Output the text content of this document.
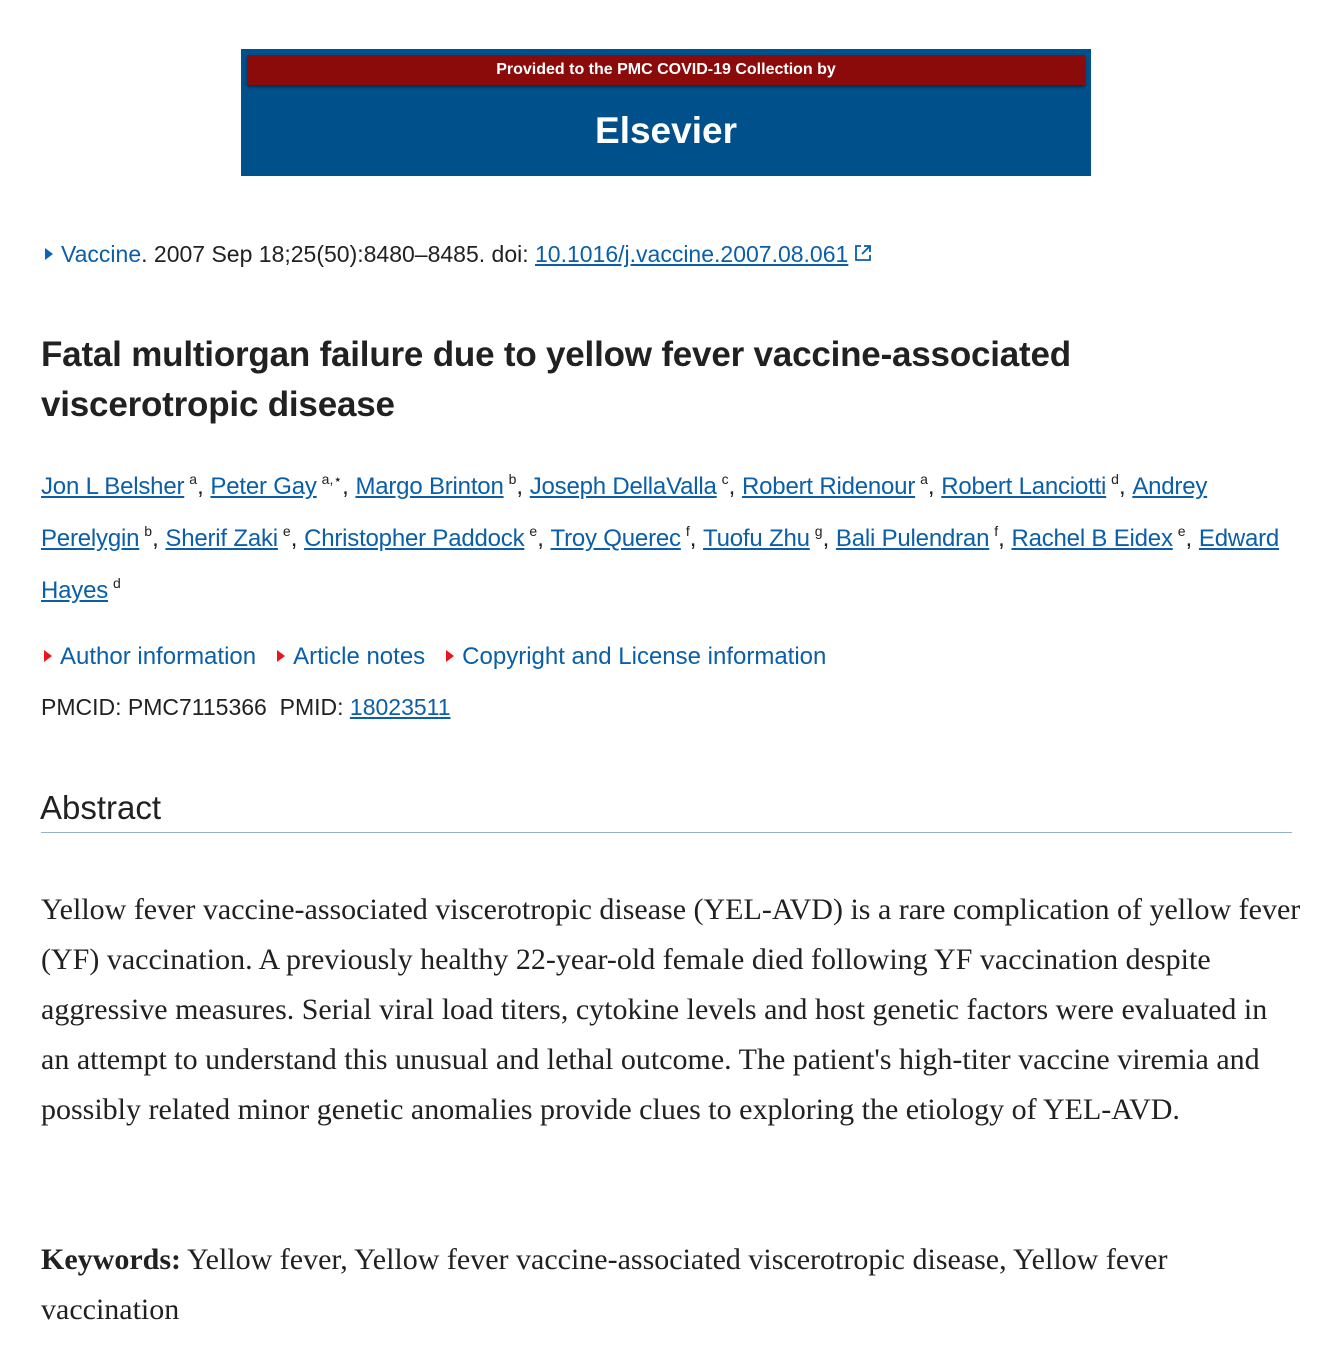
Provided to the PMC COVID-19 Collection by
Elsevier
Vaccine. 2007 Sep 18;25(50):8480–8485. doi: 10.1016/j.vaccine.2007.08.061
Fatal multiorgan failure due to yellow fever vaccine-associated viscerotropic disease
Jon L Belsher $^a$, Peter Gay $^{a,⋆}$, Margo Brinton $^b$, Joseph DellaValla $^c$, Robert Ridenour $^a$, Robert Lanciotti $^d$, Andrey Perelygin $^b$, Sherif Zaki $^e$, Christopher Paddock $^e$, Troy Querec $^f$, Tuofu Zhu $^g$, Bali Pulendran $^f$, Rachel B Eidex $^e$, Edward Hayes $^d$
Author information Article notes Copyright and License information
PMCID: PMC7115366 PMID: 18023511
Abstract

Yellow fever vaccine-associated viscerotropic disease (YEL-AVD) is a rare complication of yellow fever (YF) vaccination. A previously healthy 22-year-old female died following YF vaccination despite aggressive measures. Serial viral load titers, cytokine levels and host genetic factors were evaluated in an attempt to understand this unusual and lethal outcome. The patient's high-titer vaccine viremia and possibly related minor genetic anomalies provide clues to exploring the etiology of YEL-AVD.

Keywords: Yellow fever, Yellow fever vaccine-associated viscerotropic disease, Yellow fever vaccination
